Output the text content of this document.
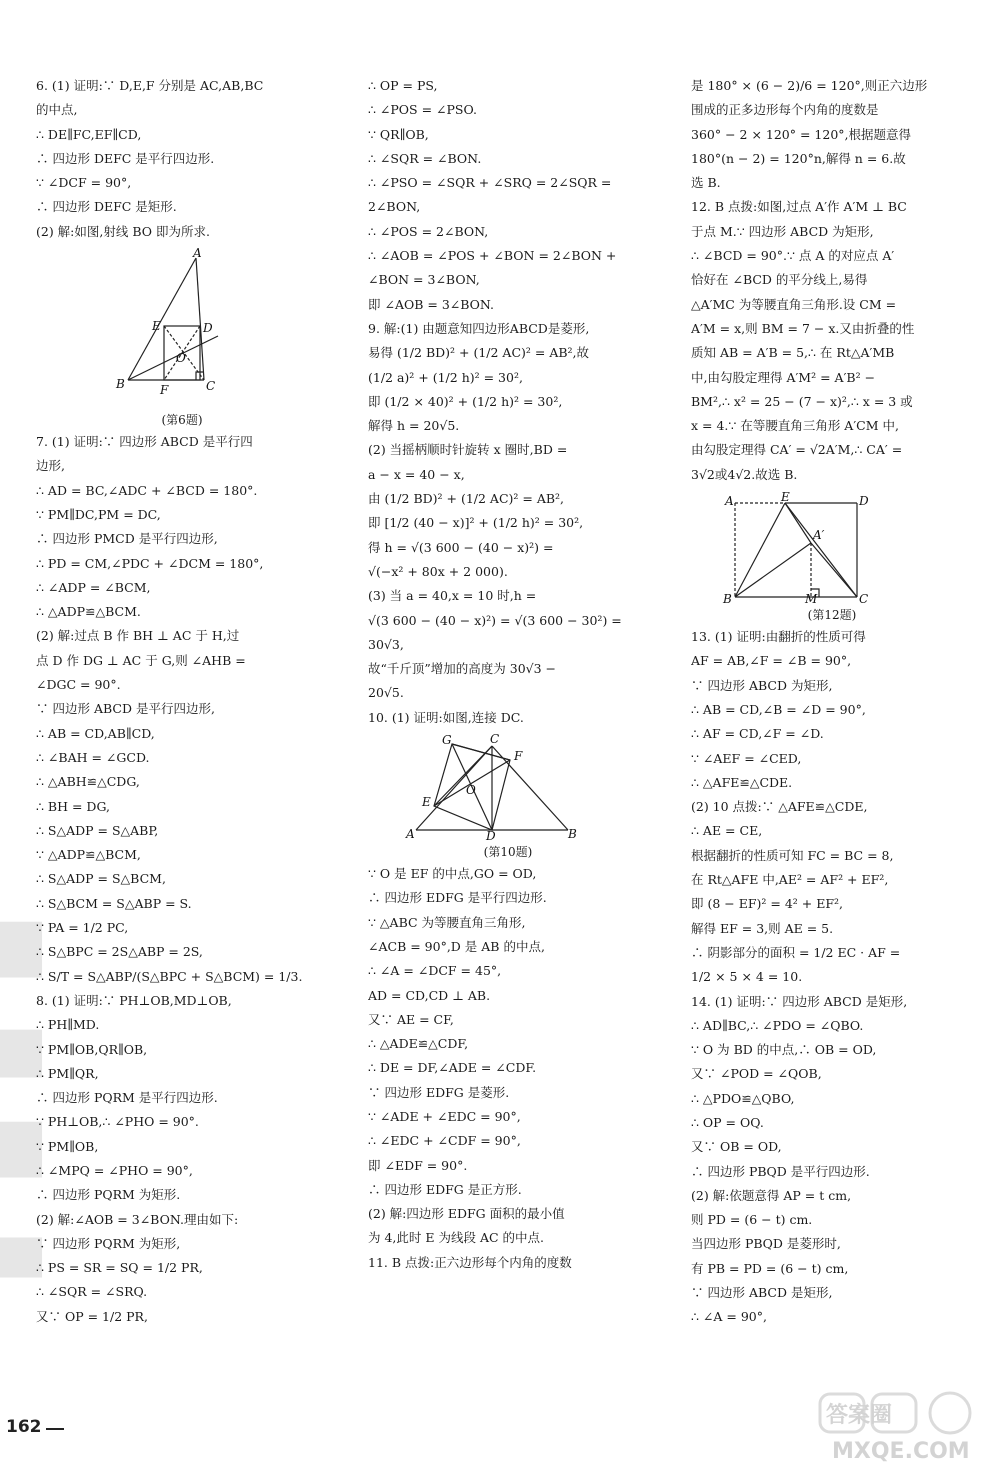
6. (1) 证明:∵ D,E,F 分别是 AC,AB,BC
的中点,
∴ DE∥FC,EF∥CD,
∴ 四边形 DEFC 是平行四边形.
∵ ∠DCF = 90°,
∴ 四边形 DEFC 是矩形.
(2) 解:如图,射线 BO 即为所求.
A
E	D
O
B	F	C
(第6题)
7. (1) 证明:∵ 四边形 ABCD 是平行四
边形,
∴ AD = BC,∠ADC + ∠BCD = 180°.
∵ PM∥DC,PM = DC,
∴ 四边形 PMCD 是平行四边形,
∴ PD = CM,∠PDC + ∠DCM = 180°,
∴ ∠ADP = ∠BCM,
∴ △ADP≌△BCM.
(2) 解:过点 B 作 BH ⊥ AC 于 H,过
点 D 作 DG ⊥ AC 于 G,则 ∠AHB =
∠DGC = 90°.
∵ 四边形 ABCD 是平行四边形,
∴ AB = CD,AB∥CD,
∴ ∠BAH = ∠GCD.
∴ △ABH≌△CDG,
∴ BH = DG,
∴ S△ADP = S△ABP,
∵ △ADP≌△BCM,
∴ S△ADP = S△BCM,
∴ S△BCM = S△ABP = S.
∵ PA = 1/2 PC,
∴ S△BPC = 2S△ABP = 2S,
∴ S/T = S△ABP/(S△BPC + S△BCM) = 1/3.
8. (1) 证明:∵ PH⊥OB,MD⊥OB,
∴ PH∥MD.
∵ PM∥OB,QR∥OB,
∴ PM∥QR,
∴ 四边形 PQRM 是平行四边形.
∵ PH⊥OB,∴ ∠PHO = 90°.
∵ PM∥OB,
∴ ∠MPQ = ∠PHO = 90°,
∴ 四边形 PQRM 为矩形.
(2) 解:∠AOB = 3∠BON.理由如下:
∵ 四边形 PQRM 为矩形,
∴ PS = SR = SQ = 1/2 PR,
∴ ∠SQR = ∠SRQ.
又∵ OP = 1/2 PR,
∴ OP = PS,
∴ ∠POS = ∠PSO.
∵ QR∥OB,
∴ ∠SQR = ∠BON.
∴ ∠PSO = ∠SQR + ∠SRQ = 2∠SQR =
2∠BON,
∴ ∠POS = 2∠BON,
∴ ∠AOB = ∠POS + ∠BON = 2∠BON +
∠BON = 3∠BON,
即 ∠AOB = 3∠BON.
9. 解:(1) 由题意知四边形ABCD是菱形,
易得 (1/2 BD)² + (1/2 AC)² = AB²,故
(1/2 a)² + (1/2 h)² = 30²,
即 (1/2 × 40)² + (1/2 h)² = 30²,
解得 h = 20√5.
(2) 当摇柄顺时针旋转 x 圈时,BD =
a − x = 40 − x,
由 (1/2 BD)² + (1/2 AC)² = AB²,
即 [1/2 (40 − x)]² + (1/2 h)² = 30²,
得 h = √(3 600 − (40 − x)²) =
√(−x² + 80x + 2 000).
(3) 当 a = 40,x = 10 时,h =
√(3 600 − (40 − x)²) = √(3 600 − 30²) =
30√3,
故“千斤顶”增加的高度为 30√3 −
20√5.
10. (1) 证明:如图,连接 DC.
G	C
F
E
O
A	D	B
(第10题)
∵ O 是 EF 的中点,GO = OD,
∴ 四边形 EDFG 是平行四边形.
∵ △ABC 为等腰直角三角形,
∠ACB = 90°,D 是 AB 的中点,
∴ ∠A = ∠DCF = 45°,
AD = CD,CD ⊥ AB.
又∵ AE = CF,
∴ △ADE≌△CDF,
∴ DE = DF,∠ADE = ∠CDF.
∵ 四边形 EDFG 是菱形.
∵ ∠ADE + ∠EDC = 90°,
∴ ∠EDC + ∠CDF = 90°,
即 ∠EDF = 90°.
∴ 四边形 EDFG 是正方形.
(2) 解:四边形 EDFG 面积的最小值
为 4,此时 E 为线段 AC 的中点.
11. B 点拨:正六边形每个内角的度数
是 180° × (6 − 2)/6 = 120°,则正六边形
围成的正多边形每个内角的度数是
360° − 2 × 120° = 120°,根据题意得
180°(n − 2) = 120°n,解得 n = 6.故
选 B.
12. B 点拨:如图,过点 A′作 A′M ⊥ BC
于点 M.∵ 四边形 ABCD 为矩形,
∴ ∠BCD = 90°.∵ 点 A 的对应点 A′
恰好在 ∠BCD 的平分线上,易得
△A′MC 为等腰直角三角形.设 CM =
A′M = x,则 BM = 7 − x.又由折叠的性
质知 AB = A′B = 5,∴ 在 Rt△A′MB
中,由勾股定理得 A′M² = A′B² −
BM²,∴ x² = 25 − (7 − x)²,∴ x = 3 或
x = 4.∵ 在等腰直角三角形 A′CM 中,
由勾股定理得 CA′ = √2A′M,∴ CA′ =
3√2或4√2.故选 B.
A	E	D
A′
B	M	C
(第12题)
13. (1) 证明:由翻折的性质可得
AF = AB,∠F = ∠B = 90°,
∵ 四边形 ABCD 为矩形,
∴ AB = CD,∠B = ∠D = 90°,
∴ AF = CD,∠F = ∠D.
∵ ∠AEF = ∠CED,
∴ △AFE≌△CDE.
(2) 10 点拨:∵ △AFE≌△CDE,
∴ AE = CE,
根据翻折的性质可知 FC = BC = 8,
在 Rt△AFE 中,AE² = AF² + EF²,
即 (8 − EF)² = 4² + EF²,
解得 EF = 3,则 AE = 5.
∴ 阴影部分的面积 = 1/2 EC · AF =
1/2 × 5 × 4 = 10.
14. (1) 证明:∵ 四边形 ABCD 是矩形,
∴ AD∥BC,∴ ∠PDO = ∠QBO.
∵ O 为 BD 的中点,∴ OB = OD,
又∵ ∠POD = ∠QOB,
∴ △PDO≌△QBO,
∴ OP = OQ.
又∵ OB = OD,
∴ 四边形 PBQD 是平行四边形.
(2) 解:依题意得 AP = t cm,
则 PD = (6 − t) cm.
当四边形 PBQD 是菱形时,
有 PB = PD = (6 − t) cm,
∵ 四边形 ABCD 是矩形,
∴ ∠A = 90°,
162
▇
▆
▇
▅
答案圈
MXQE.COM
